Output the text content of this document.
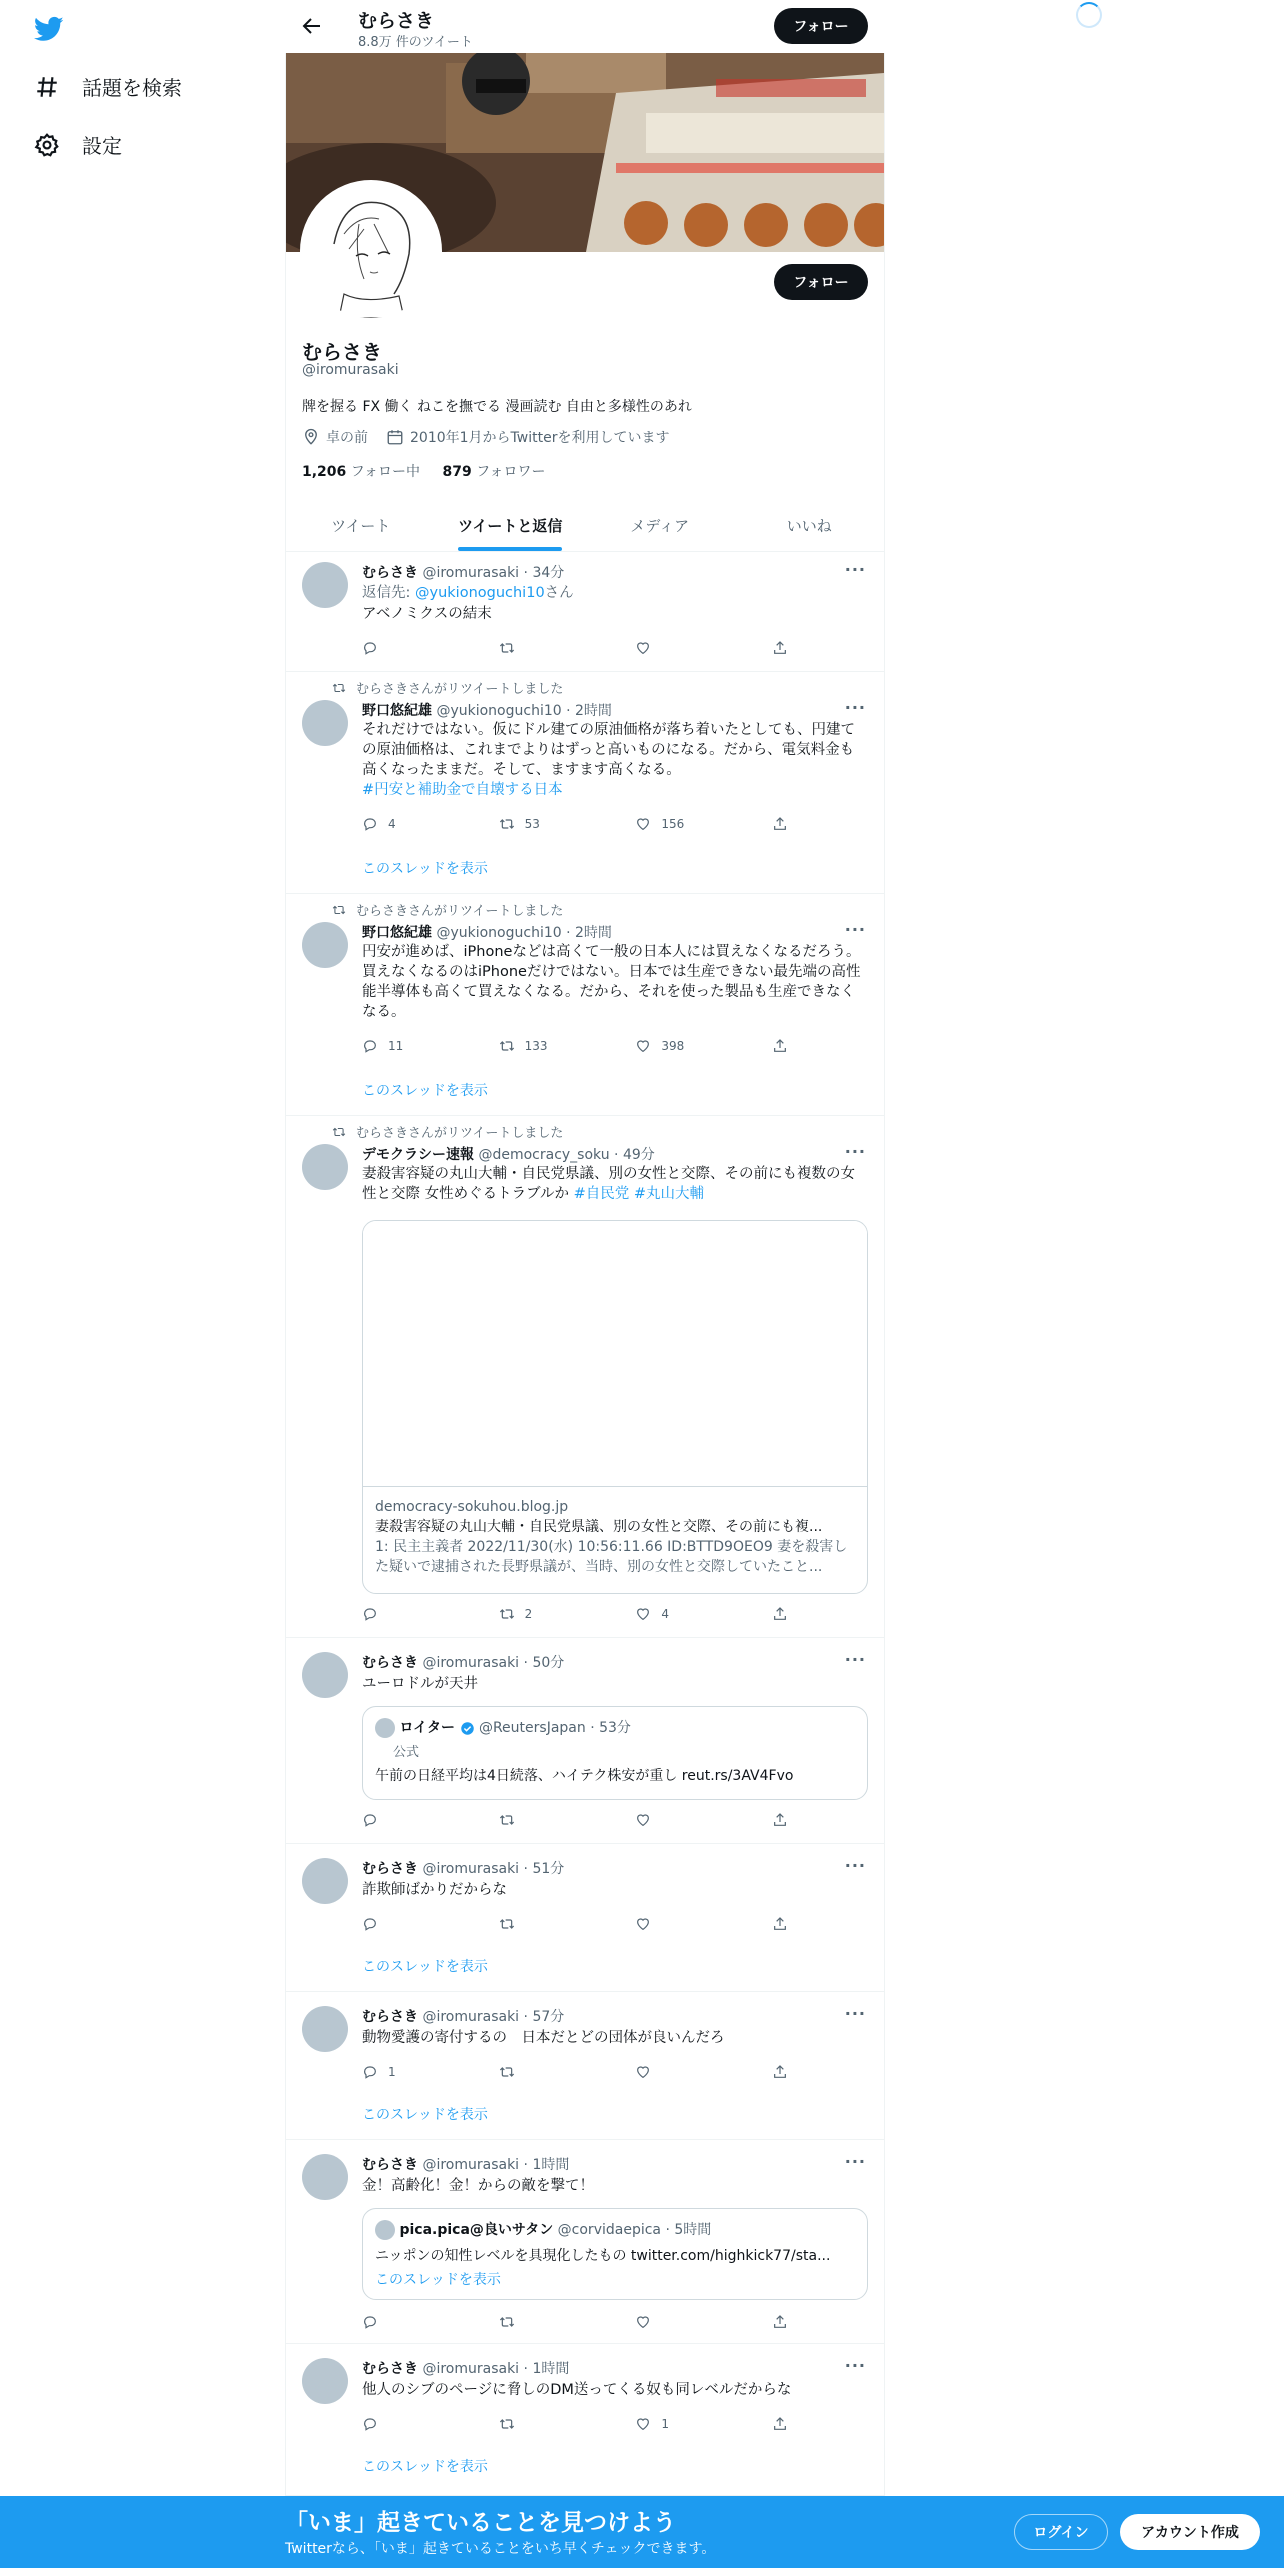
話題を検索
設定
むらさき
8.8万 件のツイート
フォロー
フォロー
むらさき
@iromurasaki
牌を握る FX 働く ねこを撫でる 漫画読む 自由と多様性のあれ
卓の前	2010年1月からTwitterを利用しています
1,206 フォロー中 879 フォロワー
ツイート	ツイートと返信	メディア	いいね
むらさき @iromurasaki · 34分	···
返信先: @yukionoguchi10さん
アベノミクスの結末
むらさきさんがリツイートしました
野口悠紀雄 @yukionoguchi10 · 2時間	···
それだけではない。仮にドル建ての原油価格が落ち着いたとしても、円建ての原油価格は、これまでよりはずっと高いものになる。だから、電気料金も高くなったままだ。そして、ますます高くなる。
#円安と補助金で自壊する日本
4	53	156
このスレッドを表示
むらさきさんがリツイートしました
野口悠紀雄 @yukionoguchi10 · 2時間	···
円安が進めば、iPhoneなどは高くて一般の日本人には買えなくなるだろう。買えなくなるのはiPhoneだけではない。日本では生産できない最先端の高性能半導体も高くて買えなくなる。だから、それを使った製品も生産できなくなる。
11	133	398
このスレッドを表示
むらさきさんがリツイートしました
デモクラシー速報 @democracy_soku · 49分	···
妻殺害容疑の丸山大輔・自民党県議、別の女性と交際、その前にも複数の女性と交際 女性めぐるトラブルか #自民党 #丸山大輔
democracy-sokuhou.blog.jp
妻殺害容疑の丸山大輔・自民党県議、別の女性と交際、その前にも複...
1: 民主主義者 2022/11/30(水) 10:56:11.66 ID:BTTD9OEO9 妻を殺害した疑いで逮捕された長野県議が、当時、別の女性と交際していたこと...
2	4
むらさき @iromurasaki · 50分	···
ユーロドルが天井
ロイター @ReutersJapan · 53分
公式
午前の日経平均は4日続落、ハイテク株安が重し reut.rs/3AV4Fvo
むらさき @iromurasaki · 51分	···
詐欺師ばかりだからな
このスレッドを表示
むらさき @iromurasaki · 57分	···
動物愛護の寄付するの　日本だとどの団体が良いんだろ
1
このスレッドを表示
むらさき @iromurasaki · 1時間	···
金！高齢化！金！からの敵を撃て！
pica.pica@良いサタン @corvidaepica · 5時間
ニッポンの知性レベルを具現化したもの twitter.com/highkick77/sta...
このスレッドを表示
むらさき @iromurasaki · 1時間	···
他人のシブのページに脅しのDM送ってくる奴も同レベルだからな
1
このスレッドを表示
「いま」起きていることを見つけよう
Twitterなら、「いま」起きていることをいち早くチェックできます。
ログイン	アカウント作成
